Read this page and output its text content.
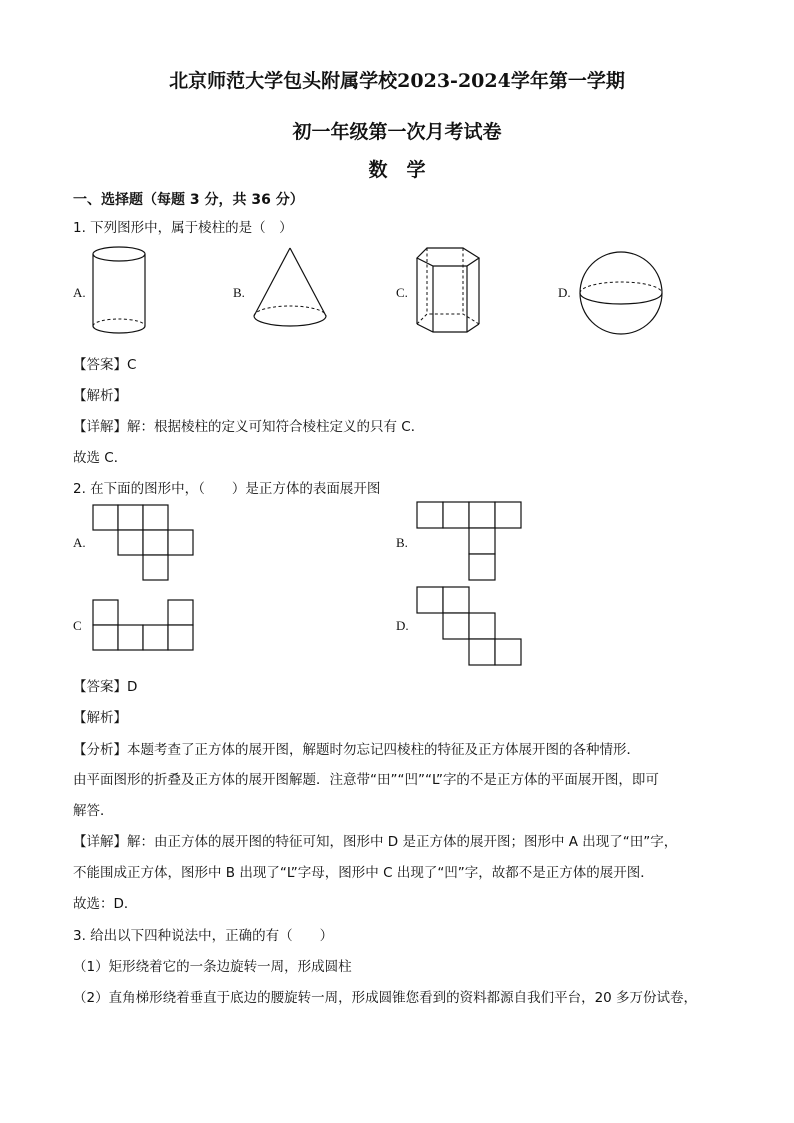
北京师范大学包头附属学校2023-2024学年第一学期
初一年级第一次月考试卷
数　学
一、选择题（每题 3 分，共 36 分）
1. 下列图形中，属于棱柱的是（　）
A.	B.	C.	D.
【答案】C
【解析】
【详解】解：根据棱柱的定义可知符合棱柱定义的只有 C．
故选 C．
2. 在下面的图形中，（　　）是正方体的表面展开图
A.	B.
C	D.
【答案】D
【解析】
【分析】本题考查了正方体的展开图，解题时勿忘记四棱柱的特征及正方体展开图的各种情形．
由平面图形的折叠及正方体的展开图解题．注意带“田”“凹”“L”字的不是正方体的平面展开图，即可
解答．
【详解】解：由正方体的展开图的特征可知，图形中 D 是正方体的展开图；图形中 A 出现了“田”字，
不能围成正方体，图形中 B 出现了“L”字母，图形中 C 出现了“凹”字，故都不是正方体的展开图．
故选：D．
3. 给出以下四种说法中，正确的有（　　）
（1）矩形绕着它的一条边旋转一周，形成圆柱
（2）直角梯形绕着垂直于底边的腰旋转一周，形成圆锥您看到的资料都源自我们平台，20 多万份试卷，
